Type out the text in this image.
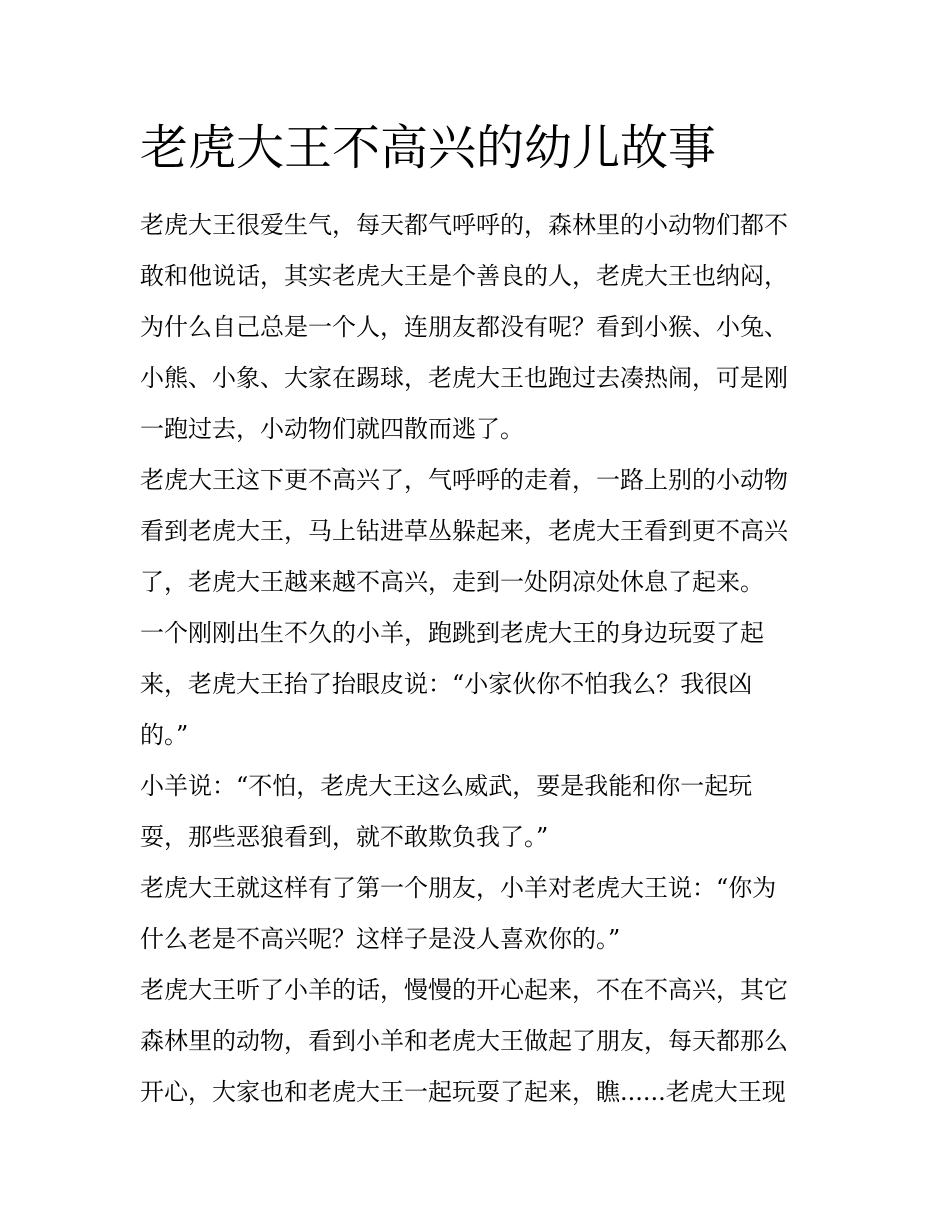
老虎大王不高兴的幼儿故事
老虎大王很爱生气，每天都气呼呼的，森林里的小动物们都不
敢和他说话，其实老虎大王是个善良的人，老虎大王也纳闷，
为什么自己总是一个人，连朋友都没有呢？看到小猴、小兔、
小熊、小象、大家在踢球，老虎大王也跑过去凑热闹，可是刚
一跑过去，小动物们就四散而逃了。
老虎大王这下更不高兴了，气呼呼的走着，一路上别的小动物
看到老虎大王，马上钻进草丛躲起来，老虎大王看到更不高兴
了，老虎大王越来越不高兴，走到一处阴凉处休息了起来。
一个刚刚出生不久的小羊，跑跳到老虎大王的身边玩耍了起
来，老虎大王抬了抬眼皮说：“小家伙你不怕我么？我很凶
的。”
小羊说：“不怕，老虎大王这么威武，要是我能和你一起玩
耍，那些恶狼看到，就不敢欺负我了。”
老虎大王就这样有了第一个朋友，小羊对老虎大王说：“你为
什么老是不高兴呢？这样子是没人喜欢你的。”
老虎大王听了小羊的话，慢慢的开心起来，不在不高兴，其它
森林里的动物，看到小羊和老虎大王做起了朋友，每天都那么
开心，大家也和老虎大王一起玩耍了起来，瞧......老虎大王现
